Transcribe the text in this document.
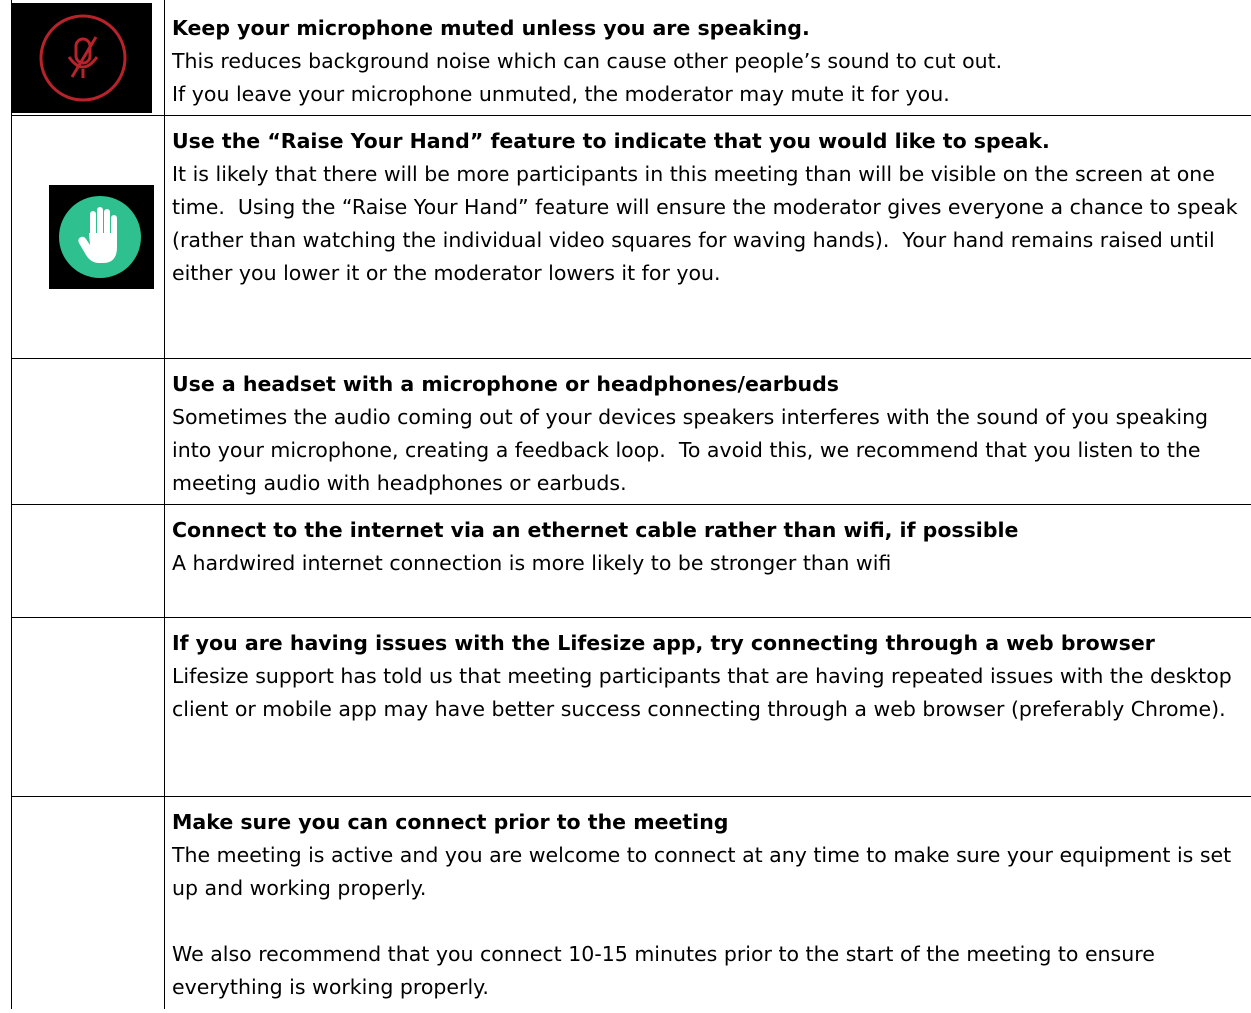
Keep your microphone muted unless you are speaking.
This reduces background noise which can cause other people’s sound to cut out.
If you leave your microphone unmuted, the moderator may mute it for you.

Use the “Raise Your Hand” feature to indicate that you would like to speak.
It is likely that there will be more participants in this meeting than will be visible on the screen at one time.  Using the “Raise Your Hand” feature will ensure the moderator gives everyone a chance to speak (rather than watching the individual video squares for waving hands).  Your hand remains raised until either you lower it or the moderator lowers it for you.

	Use a headset with a microphone or headphones/earbuds
Sometimes the audio coming out of your devices speakers interferes with the sound of you speaking into your microphone, creating a feedback loop.  To avoid this, we recommend that you listen to the meeting audio with headphones or earbuds.

	Connect to the internet via an ethernet cable rather than wifi, if possible
A hardwired internet connection is more likely to be stronger than wifi

	If you are having issues with the Lifesize app, try connecting through a web browser
Lifesize support has told us that meeting participants that are having repeated issues with the desktop client or mobile app may have better success connecting through a web browser (preferably Chrome).

	Make sure you can connect prior to the meeting
The meeting is active and you are welcome to connect at any time to make sure your equipment is set up and working properly.

We also recommend that you connect 10-15 minutes prior to the start of the meeting to ensure everything is working properly.
